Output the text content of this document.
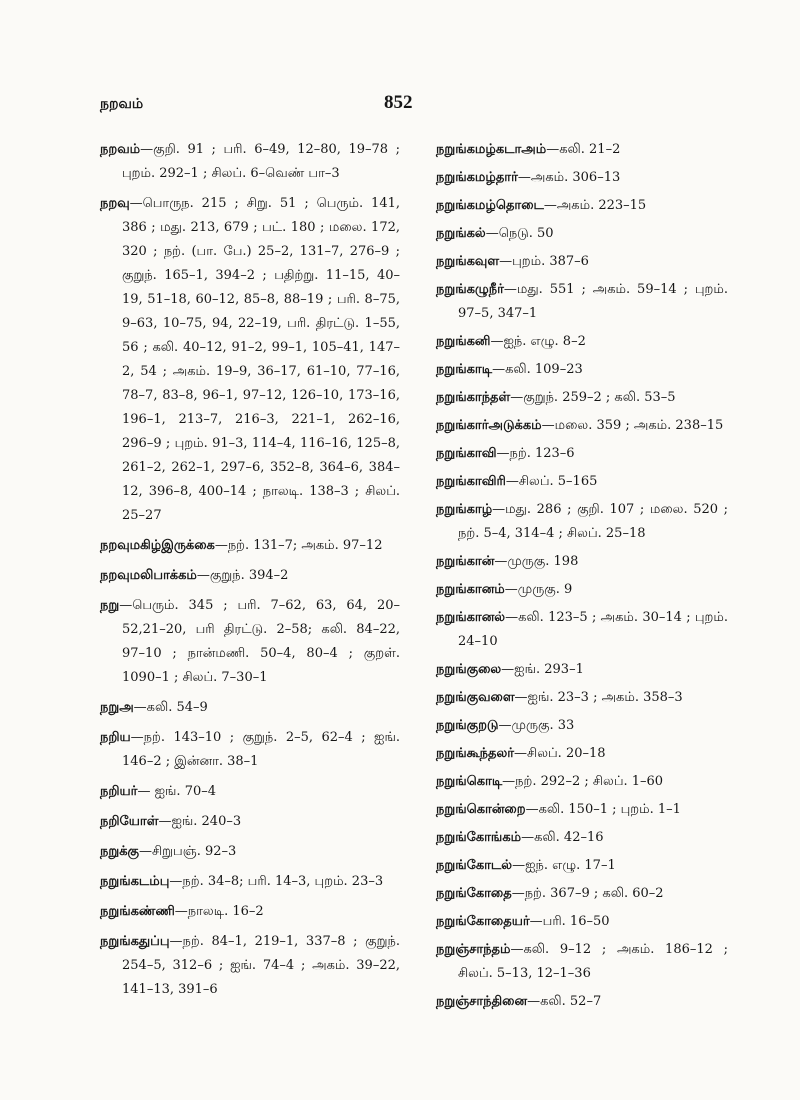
நறவம்	852

நறவம்—குறி. 91 ; பரி. 6–49, 12–80, 19–78 ; புறம். 292–1 ; சிலப். 6–வெண் பா–3

நறவு—பொருந. 215 ; சிறு. 51 ; பெரும். 141, 386 ; மது. 213, 679 ; பட். 180 ; மலை. 172, 320 ; நற். (பா. பே.) 25–2, 131–7, 276–9 ; குறுந். 165–1, 394–2 ; பதிற்று. 11–15, 40–19, 51–18, 60–12, 85–8, 88–19 ; பரி. 8–75, 9–63, 10–75, 94, 22–19, பரி. திரட்டு. 1–55, 56 ; கலி. 40–12, 91–2, 99–1, 105–41, 147–2, 54 ; அகம். 19–9, 36–17, 61–10, 77–16, 78–7, 83–8, 96–1, 97–12, 126–10, 173–16, 196–1, 213–7, 216–3, 221–1, 262–16, 296–9 ; புறம். 91–3, 114–4, 116–16, 125–8, 261–2, 262–1, 297–6, 352–8, 364–6, 384–12, 396–8, 400–14 ; நாலடி. 138–3 ; சிலப். 25–27

நறவுமகிழ்இருக்கை—நற். 131–7; அகம். 97–12

நறவுமலிபாக்கம்—குறுந். 394–2

நறு—பெரும். 345 ; பரி. 7–62, 63, 64, 20–52,21–20, பரி திரட்டு. 2–58; கலி. 84–22, 97–10 ; நான்மணி. 50–4, 80–4 ; குறள். 1090–1 ; சிலப். 7–30–1

நறுஅ—கலி. 54–9

நறிய—நற். 143–10 ; குறுந். 2–5, 62–4 ; ஐங். 146–2 ; இன்னா. 38–1

நறியர்— ஐங். 70–4

நறியோள்—ஐங். 240–3

நறுக்கு—சிறுபஞ். 92–3

நறுங்கடம்பு—நற். 34–8; பரி. 14–3, புறம். 23–3

நறுங்கண்ணி—நாலடி. 16–2

நறுங்கதுப்பு—நற். 84–1, 219–1, 337–8 ; குறுந். 254–5, 312–6 ; ஐங். 74–4 ; அகம். 39–22, 141–13, 391–6

நறுங்கமழ்கடாஅம்—கலி. 21–2

நறுங்கமழ்தார்—அகம். 306–13

நறுங்கமழ்தொடை—அகம். 223–15

நறுங்கல்—நெடு. 50

நறுங்கவுள—புறம். 387–6

நறுங்கழுநீர்—மது. 551 ; அகம். 59–14 ; புறம். 97–5, 347–1

நறுங்கனி—ஐந். எழு. 8–2

நறுங்காடி—கலி. 109–23

நறுங்காந்தள்—குறுந். 259–2 ; கலி. 53–5

நறுங்கார்அடுக்கம்—மலை. 359 ; அகம். 238–15

நறுங்காவி—நற். 123–6

நறுங்காவிரி—சிலப். 5–165

நறுங்காழ்—மது. 286 ; குறி. 107 ; மலை. 520 ; நற். 5–4, 314–4 ; சிலப். 25–18

நறுங்கான்—முருகு. 198

நறுங்கானம்—முருகு. 9

நறுங்கானல்—கலி. 123–5 ; அகம். 30–14 ; புறம். 24–10

நறுங்குலை—ஐங். 293–1

நறுங்குவளை—ஐங். 23–3 ; அகம். 358–3

நறுங்குறடு—முருகு. 33

நறுங்கூந்தலர்—சிலப். 20–18

நறுங்கொடி—நற். 292–2 ; சிலப். 1–60

நறுங்கொன்றை—கலி. 150–1 ; புறம். 1–1

நறுங்கோங்கம்—கலி. 42–16

நறுங்கோடல்—ஐந். எழு. 17–1

நறுங்கோதை—நற். 367–9 ; கலி. 60–2

நறுங்கோதையர்—பரி. 16–50

நறுஞ்சாந்தம்—கலி. 9–12 ; அகம். 186–12 ; சிலப். 5–13, 12–1–36

நறுஞ்சாந்தினை—கலி. 52–7
